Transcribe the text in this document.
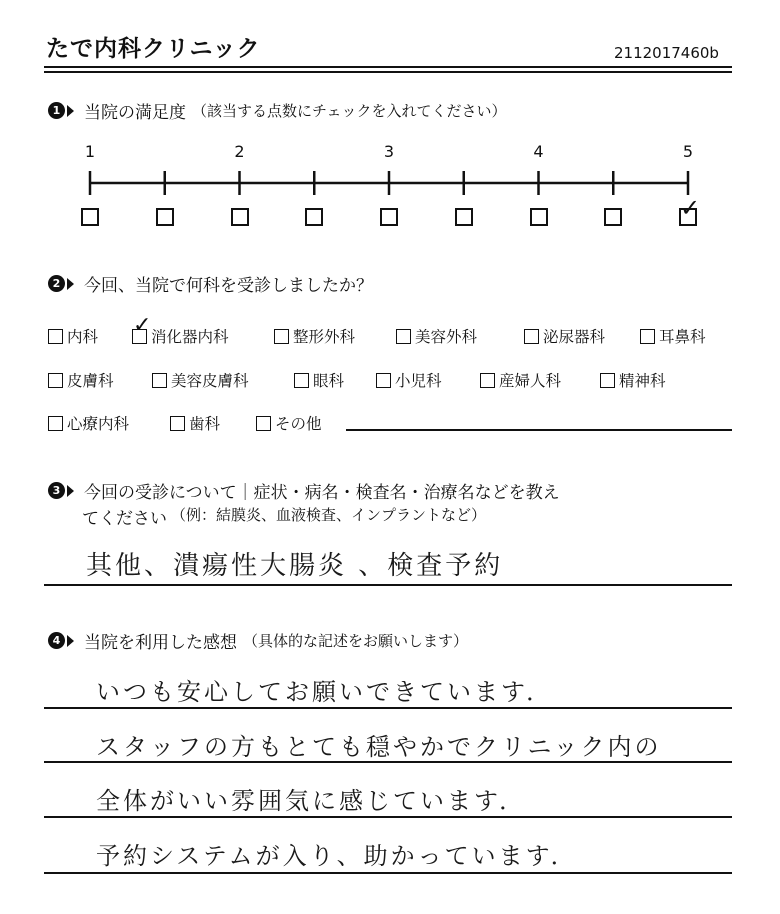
たで内科クリニック	2112017460b
1 当院の満足度 （該当する点数にチェックを入れてください）
1	2	3	4	5
✓
2 今回、当院で何科を受診しましたか？
内科	消化器内科
✓	整形外科	美容外科	泌尿器科	耳鼻科
皮膚科	美容皮膚科	眼科	小児科	産婦人科	精神科
心療内科	歯科	その他
3 今回の受診について｜症状・病名・検査名・治療名などを教え
てください （例：結膜炎、血液検査、インプラントなど）
其他、潰瘍性大腸炎 、検査予約
4 当院を利用した感想 （具体的な記述をお願いします）
いつも安心してお願いできています．
スタッフの方もとても穏やかでクリニック内の
全体がいい雰囲気に感じています．
予約システムが入り、助かっています．
